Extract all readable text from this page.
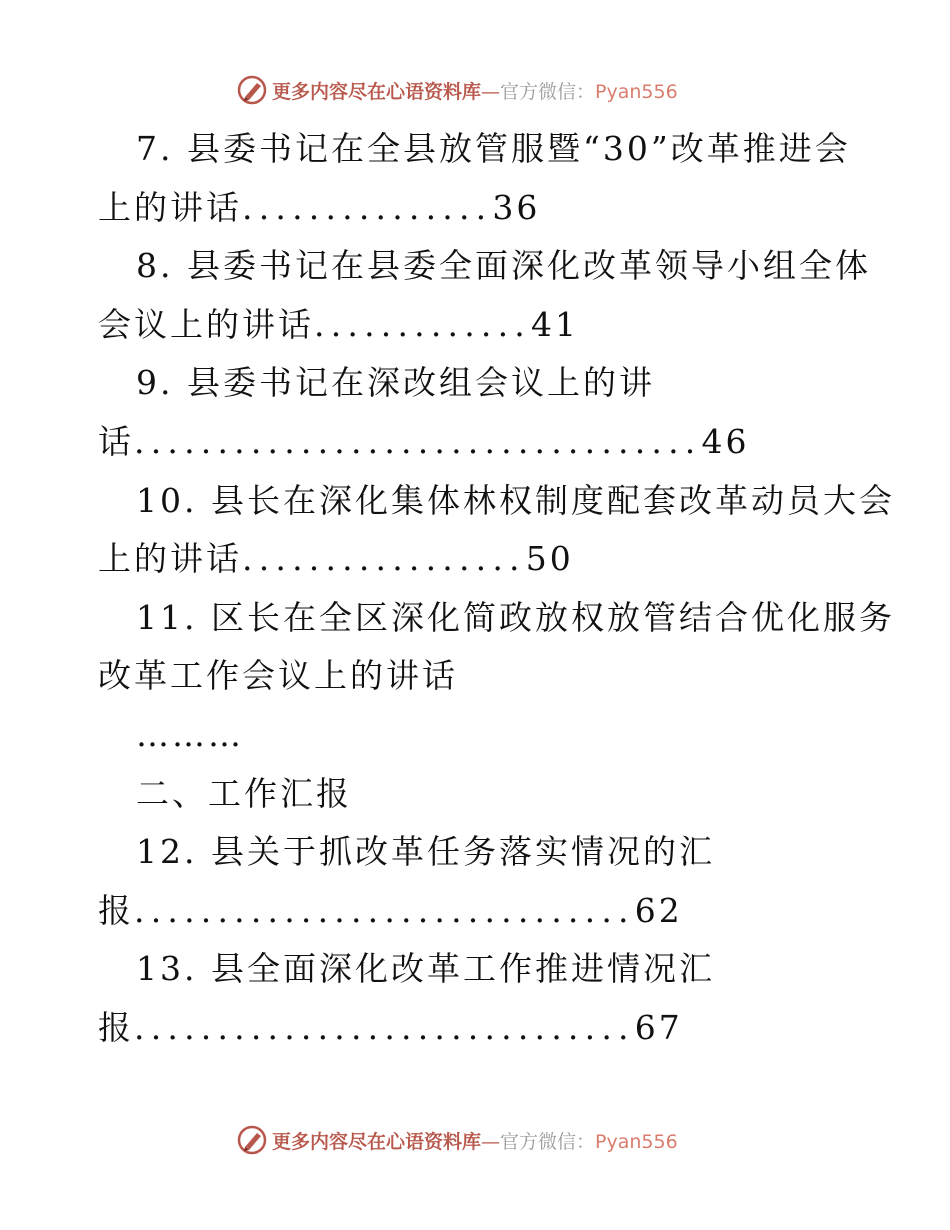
更多内容尽在心语资料库—官方微信：Pyan556
7. 县委书记在全县放管服暨“30”改革推进会
上的讲话...............36
8. 县委书记在县委全面深化改革领导小组全体
会议上的讲话.............41
9. 县委书记在深改组会议上的讲
话..................................46
10. 县长在深化集体林权制度配套改革动员大会
上的讲话.................50
11. 区长在全区深化简政放权放管结合优化服务
改革工作会议上的讲话
………
二、工作汇报
12. 县关于抓改革任务落实情况的汇
报..............................62
13. 县全面深化改革工作推进情况汇
报..............................67
更多内容尽在心语资料库—官方微信：Pyan556
